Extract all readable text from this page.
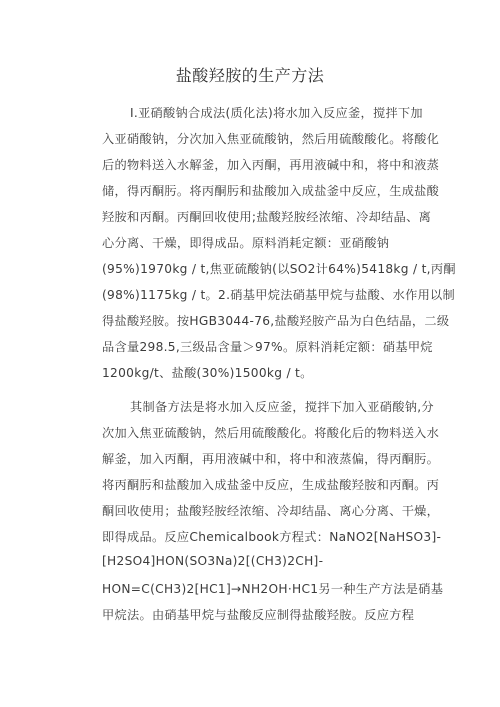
盐酸羟胺的生产方法
I.亚硝酸钠合成法(质化法)将水加入反应釜，搅拌下加
入亚硝酸钠，分次加入焦亚硫酸钠，然后用硫酸酸化。将酸化
后的物料送入水解釜，加入丙酮，再用液碱中和，将中和液蒸
储，得丙酮肟。将丙酮肟和盐酸加入成盐釜中反应，生成盐酸
羟胺和丙酮。丙酮回收使用;盐酸羟胺经浓缩、冷却结晶、离
心分离、干燥，即得成品。原料消耗定额：亚硝酸钠
(95%)1970kg / t,焦亚硫酸钠(以SO2计64%)5418kg / t,丙酮
(98%)1175kg / t。2.硝基甲烷法硝基甲烷与盐酸、水作用以制
得盐酸羟胺。按HGB3044-76,盐酸羟胺产品为白色结晶，二级
品含量298.5,三级品含量＞97%。原料消耗定额：硝基甲烷
1200kg/t、盐酸(30%)1500kg / t。
其制备方法是将水加入反应釜，搅拌下加入亚硝酸钠,分
次加入焦亚硫酸钠，然后用硫酸酸化。将酸化后的物料送入水
解釜，加入丙酮，再用液碱中和，将中和液蒸偏，得丙酮肟。
将丙酮肟和盐酸加入成盐釜中反应，生成盐酸羟胺和丙酮。丙
酮回收使用；盐酸羟胺经浓缩、冷却结晶、离心分离、干燥，
即得成品。反应Chemicalbook方程式：NaNO2[NaHSO3]-
[H2SO4]HON(SO3Na)2[(CH3)2CH]-
HON=C(CH3)2[HC1]→NH2OH·HC1另一种生产方法是硝基
甲烷法。由硝基甲烷与盐酸反应制得盐酸羟胺。反应方程
